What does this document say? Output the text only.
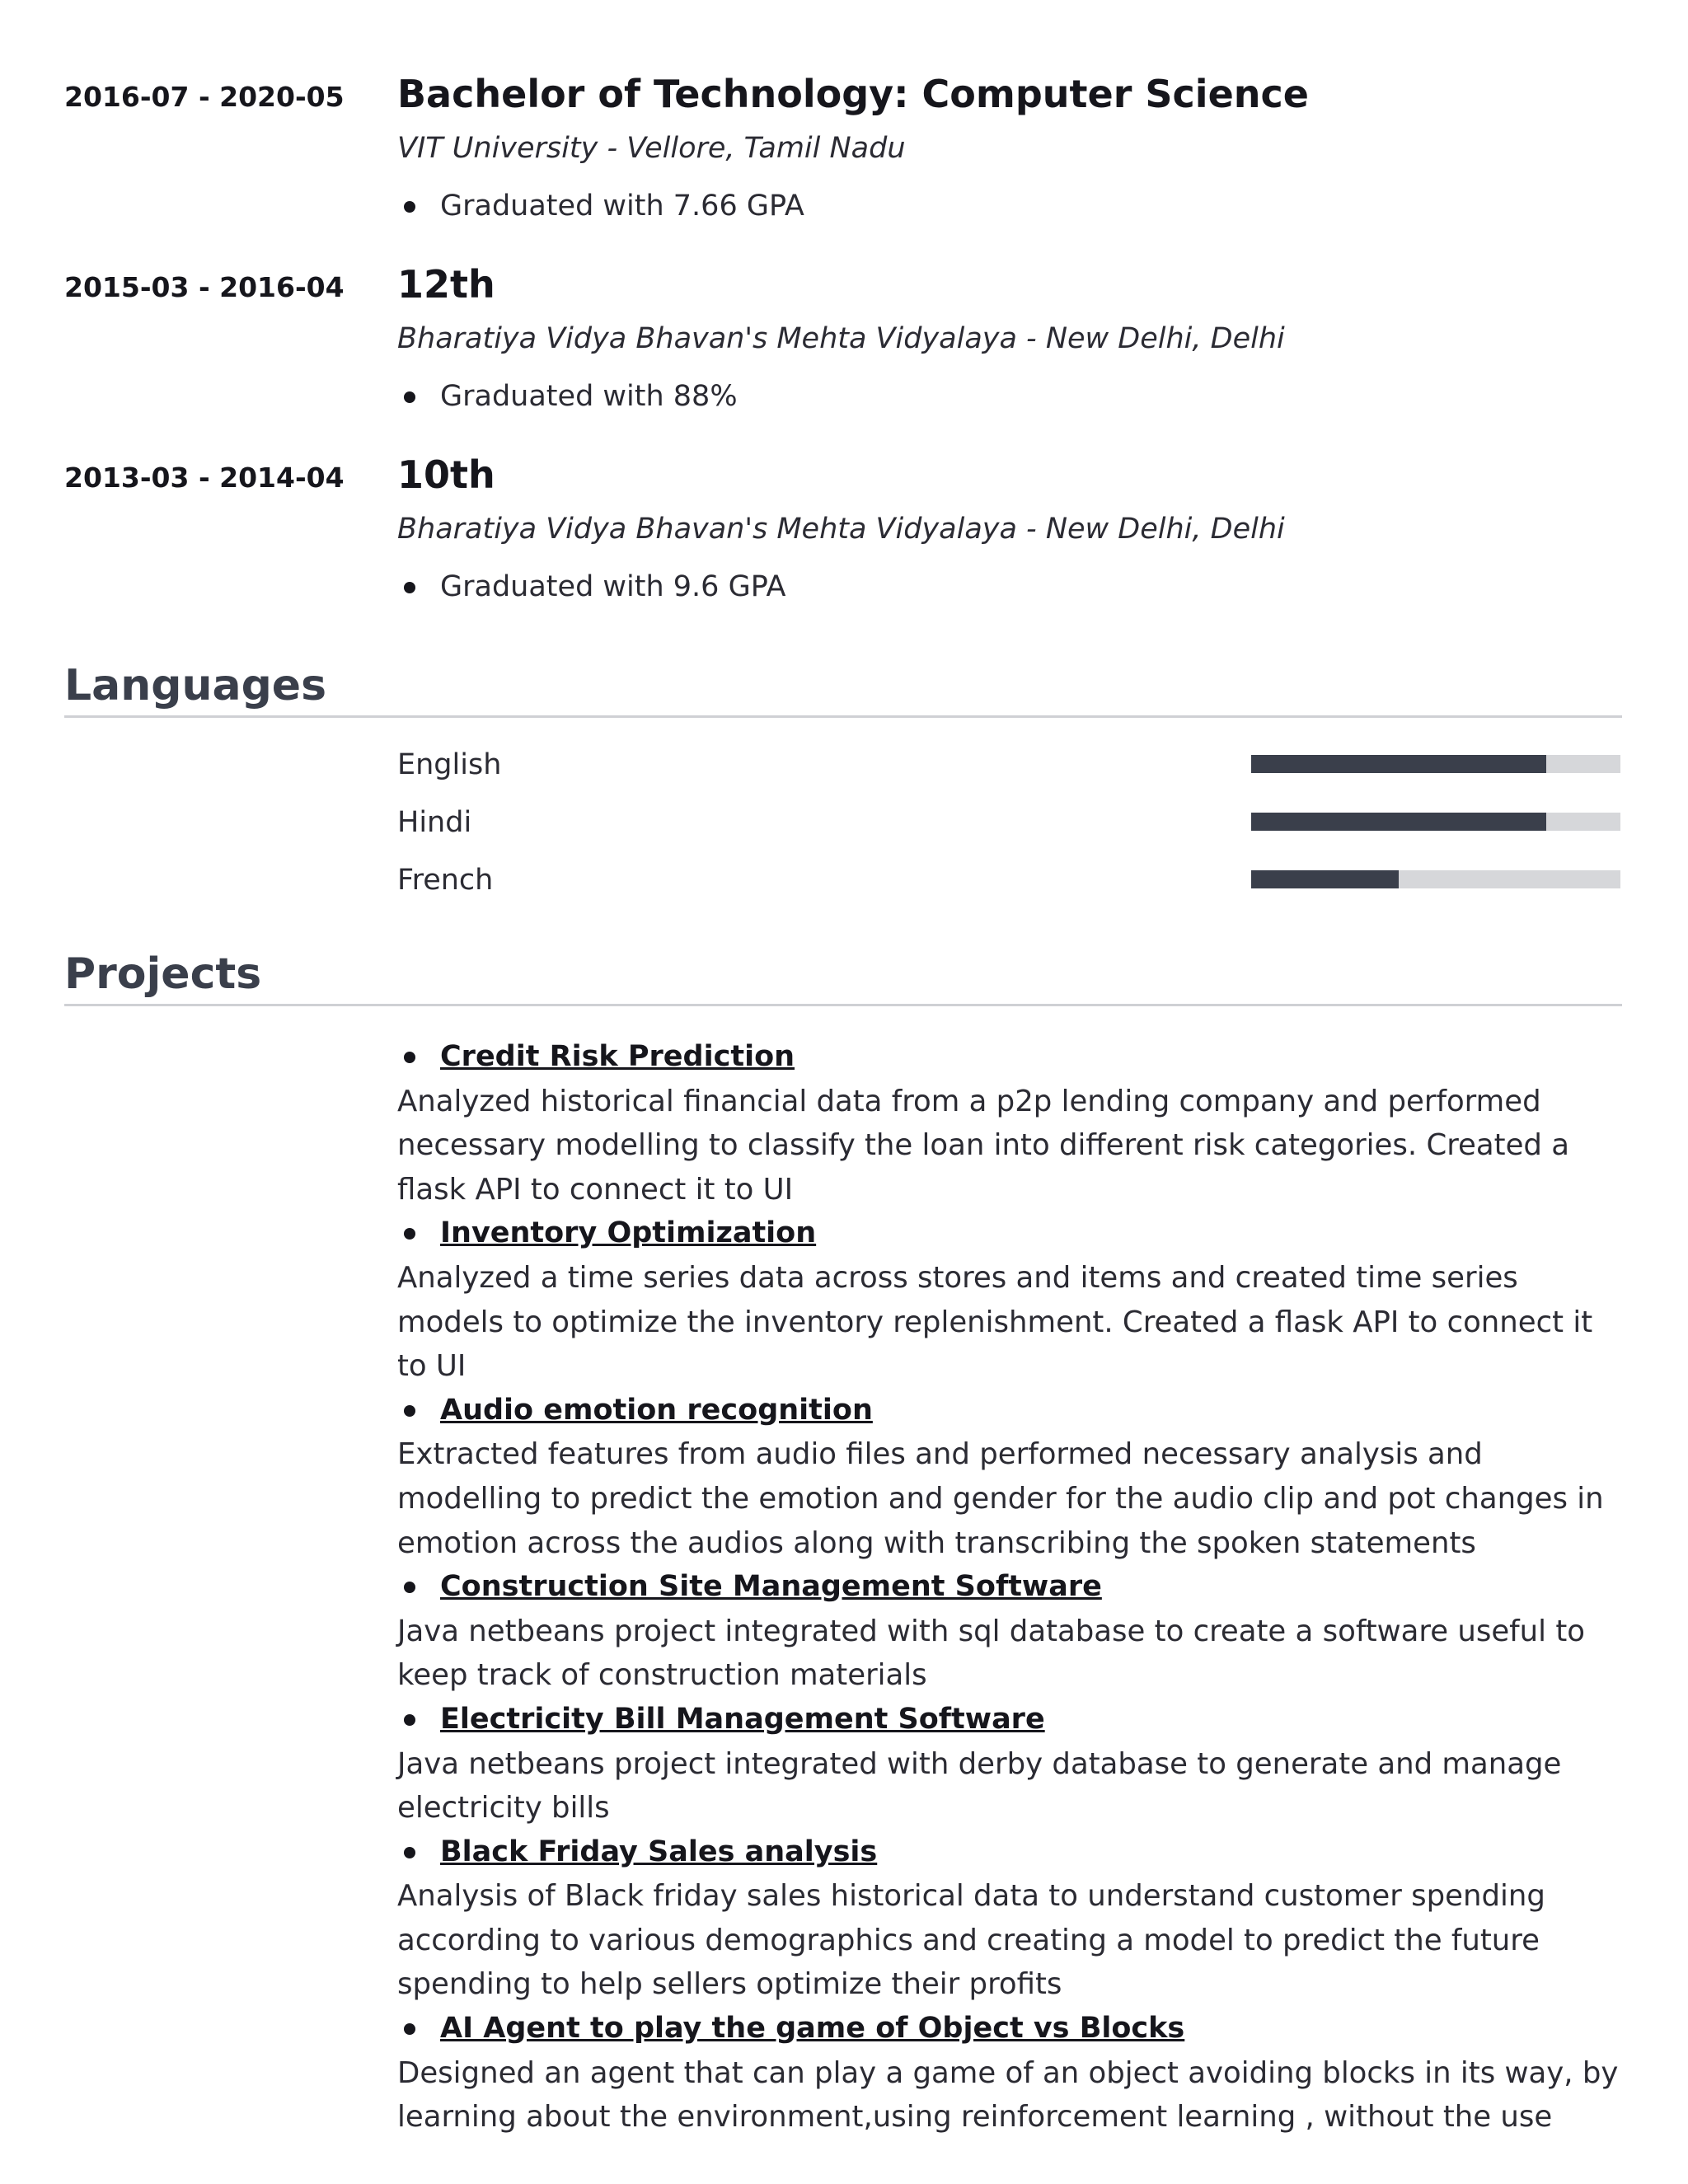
2016-07 - 2020-05	Bachelor of Technology: Computer Science
VIT University - Vellore, Tamil Nadu
Graduated with 7.66 GPA
2015-03 - 2016-04	12th
Bharatiya Vidya Bhavan's Mehta Vidyalaya - New Delhi, Delhi
Graduated with 88%
2013-03 - 2014-04	10th
Bharatiya Vidya Bhavan's Mehta Vidyalaya - New Delhi, Delhi
Graduated with 9.6 GPA
Languages
English
Hindi
French
Projects
Credit Risk Prediction
Analyzed historical financial data from a p2p lending company and performed necessary modelling to classify the loan into different risk categories. Created a flask API to connect it to UI
Inventory Optimization
Analyzed a time series data across stores and items and created time series models to optimize the inventory replenishment. Created a flask API to connect it to UI
Audio emotion recognition
Extracted features from audio files and performed necessary analysis and modelling to predict the emotion and gender for the audio clip and pot changes in emotion across the audios along with transcribing the spoken statements
Construction Site Management Software
Java netbeans project integrated with sql database to create a software useful to keep track of construction materials
Electricity Bill Management Software
Java netbeans project integrated with derby database to generate and manage electricity bills
Black Friday Sales analysis
Analysis of Black friday sales historical data to understand customer spending according to various demographics and creating a model to predict the future spending to help sellers optimize their profits
AI Agent to play the game of Object vs Blocks
Designed an agent that can play a game of an object avoiding blocks in its way, by learning about the environment,using reinforcement learning , without the use
